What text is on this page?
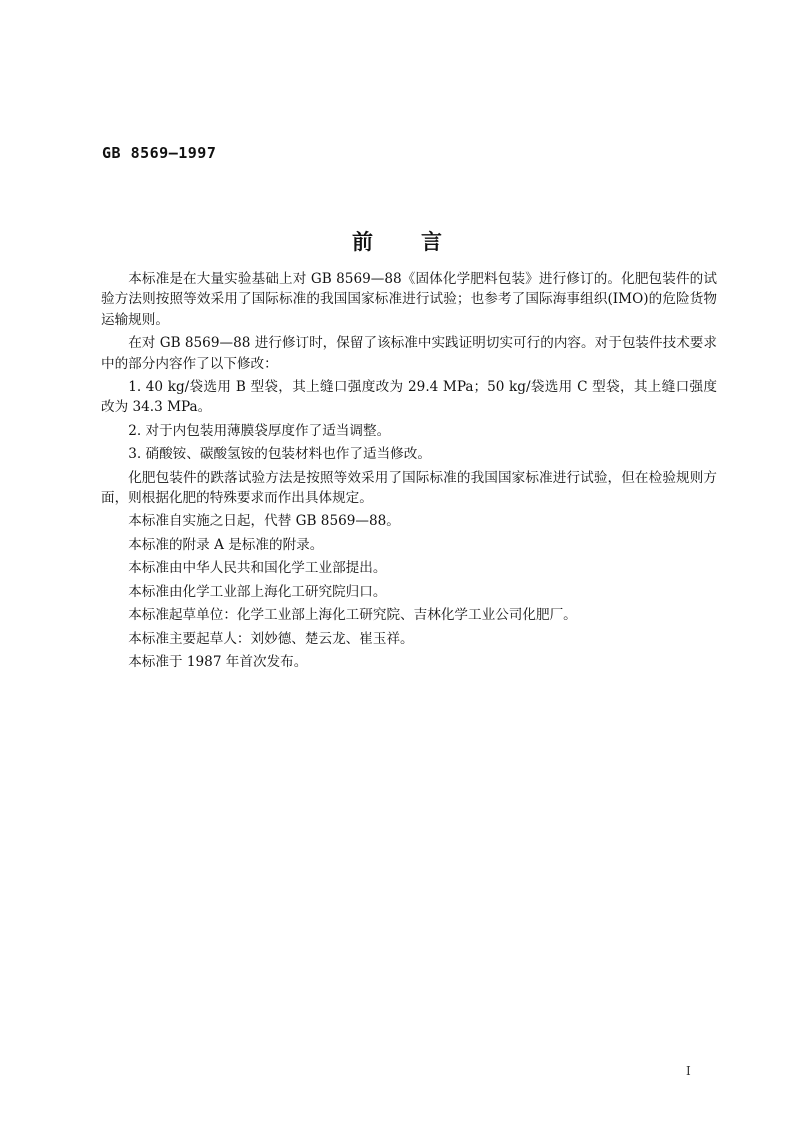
GB 8569—1997
前 言

本标准是在大量实验基础上对 GB 8569—88《固体化学肥料包装》进行修订的。化肥包装件的试验方法则按照等效采用了国际标准的我国国家标准进行试验；也参考了国际海事组织(IMO)的危险货物运输规则。

在对 GB 8569—88 进行修订时，保留了该标准中实践证明切实可行的内容。对于包装件技术要求中的部分内容作了以下修改：

1. 40 kg/袋选用 B 型袋，其上缝口强度改为 29.4 MPa；50 kg/袋选用 C 型袋，其上缝口强度改为 34.3 MPa。

2. 对于内包装用薄膜袋厚度作了适当调整。

3. 硝酸铵、碳酸氢铵的包装材料也作了适当修改。

化肥包装件的跌落试验方法是按照等效采用了国际标准的我国国家标准进行试验，但在检验规则方面，则根据化肥的特殊要求而作出具体规定。

本标准自实施之日起，代替 GB 8569—88。

本标准的附录 A 是标准的附录。

本标准由中华人民共和国化学工业部提出。

本标准由化学工业部上海化工研究院归口。

本标准起草单位：化学工业部上海化工研究院、吉林化学工业公司化肥厂。

本标准主要起草人：刘妙德、楚云龙、崔玉祥。

本标准于 1987 年首次发布。

I
